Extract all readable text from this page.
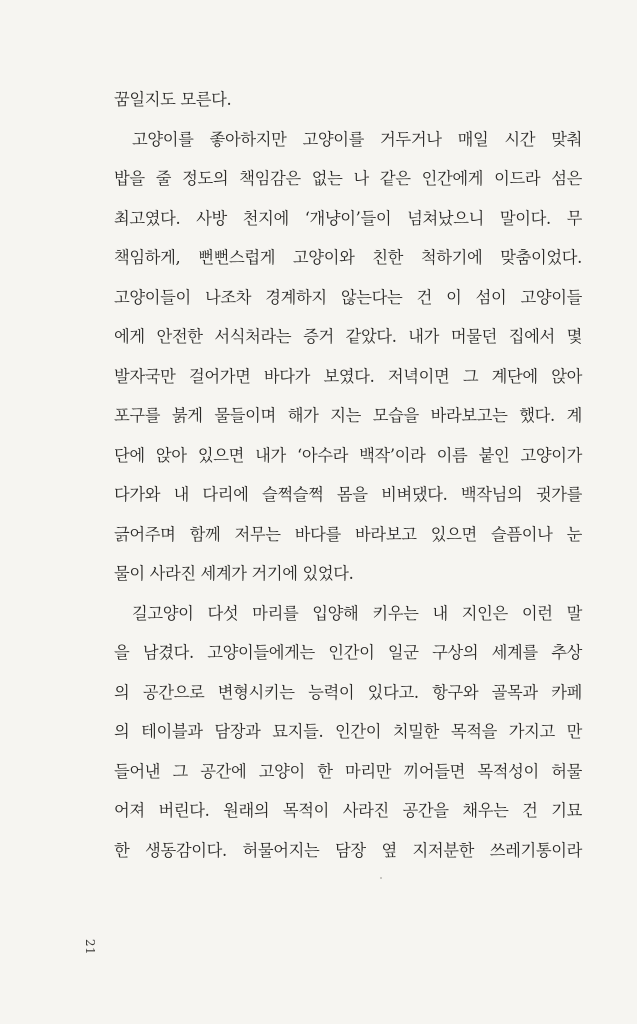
꿈일지도 모른다.
고양이를 좋아하지만 고양이를 거두거나 매일 시간 맞춰
밥을 줄 정도의 책임감은 없는 나 같은 인간에게 이드라 섬은
최고였다. 사방 천지에 ‘개냥이’들이 넘쳐났으니 말이다. 무
책임하게, 뻔뻔스럽게 고양이와 친한 척하기에 맞춤이었다.
고양이들이 나조차 경계하지 않는다는 건 이 섬이 고양이들
에게 안전한 서식처라는 증거 같았다. 내가 머물던 집에서 몇
발자국만 걸어가면 바다가 보였다. 저녁이면 그 계단에 앉아
포구를 붉게 물들이며 해가 지는 모습을 바라보고는 했다. 계
단에 앉아 있으면 내가 ‘아수라 백작’이라 이름 붙인 고양이가
다가와 내 다리에 슬쩍슬쩍 몸을 비벼댔다. 백작님의 귓가를
긁어주며 함께 저무는 바다를 바라보고 있으면 슬픔이나 눈
물이 사라진 세계가 거기에 있었다.
길고양이 다섯 마리를 입양해 키우는 내 지인은 이런 말
을 남겼다. 고양이들에게는 인간이 일군 구상의 세계를 추상
의 공간으로 변형시키는 능력이 있다고. 항구와 골목과 카페
의 테이블과 담장과 묘지들. 인간이 치밀한 목적을 가지고 만
들어낸 그 공간에 고양이 한 마리만 끼어들면 목적성이 허물
어져 버린다. 원래의 목적이 사라진 공간을 채우는 건 기묘
한 생동감이다. 허물어지는 담장 옆 지저분한 쓰레기통이라
21
